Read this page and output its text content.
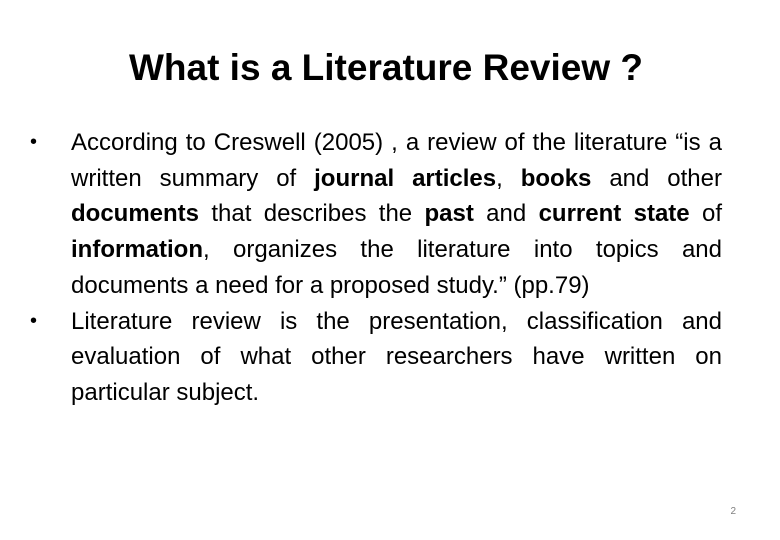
What is a Literature Review ?
•	According to Creswell (2005) , a review of the literature “is a written summary of journal articles, books and other documents that describes the past and current state of information, organizes the literature into topics and documents a need for a proposed study.” (pp.79)
•	Literature review is the presentation, classification and evaluation of what other researchers have written on particular subject.
2
